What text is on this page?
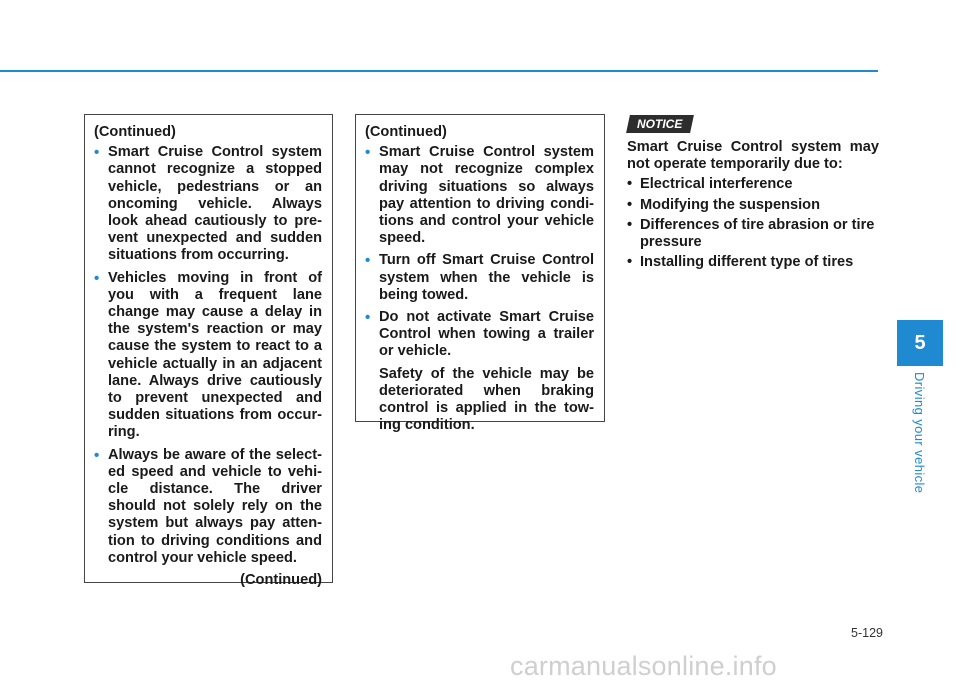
(Continued)
• Smart Cruise Control system cannot recognize a stopped vehicle, pedestrians or an oncoming vehicle. Always look ahead cautiously to pre- vent unexpected and sudden situations from occurring.
• Vehicles moving in front of you with a frequent lane change may cause a delay in the system's reaction or may cause the system to react to a vehicle actually in an adjacent lane. Always drive cautiously to prevent unexpected and sudden situations from occur- ring.
• Always be aware of the select- ed speed and vehicle to vehi- cle distance. The driver should not solely rely on the system but always pay atten- tion to driving conditions and control your vehicle speed.
(Continued)
(Continued)
• Smart Cruise Control system may not recognize complex driving situations so always pay attention to driving condi- tions and control your vehicle speed.
• Turn off Smart Cruise Control system when the vehicle is being towed.
• Do not activate Smart Cruise Control when towing a trailer or vehicle.
Safety of the vehicle may be deteriorated when braking control is applied in the tow- ing condition.
NOTICE
Smart Cruise Control system may not operate temporarily due to:
• Electrical interference
• Modifying the suspension
• Differences of tire abrasion or tire pressure
• Installing different type of tires
5
Driving your vehicle
5-129
carmanualsonline.info
